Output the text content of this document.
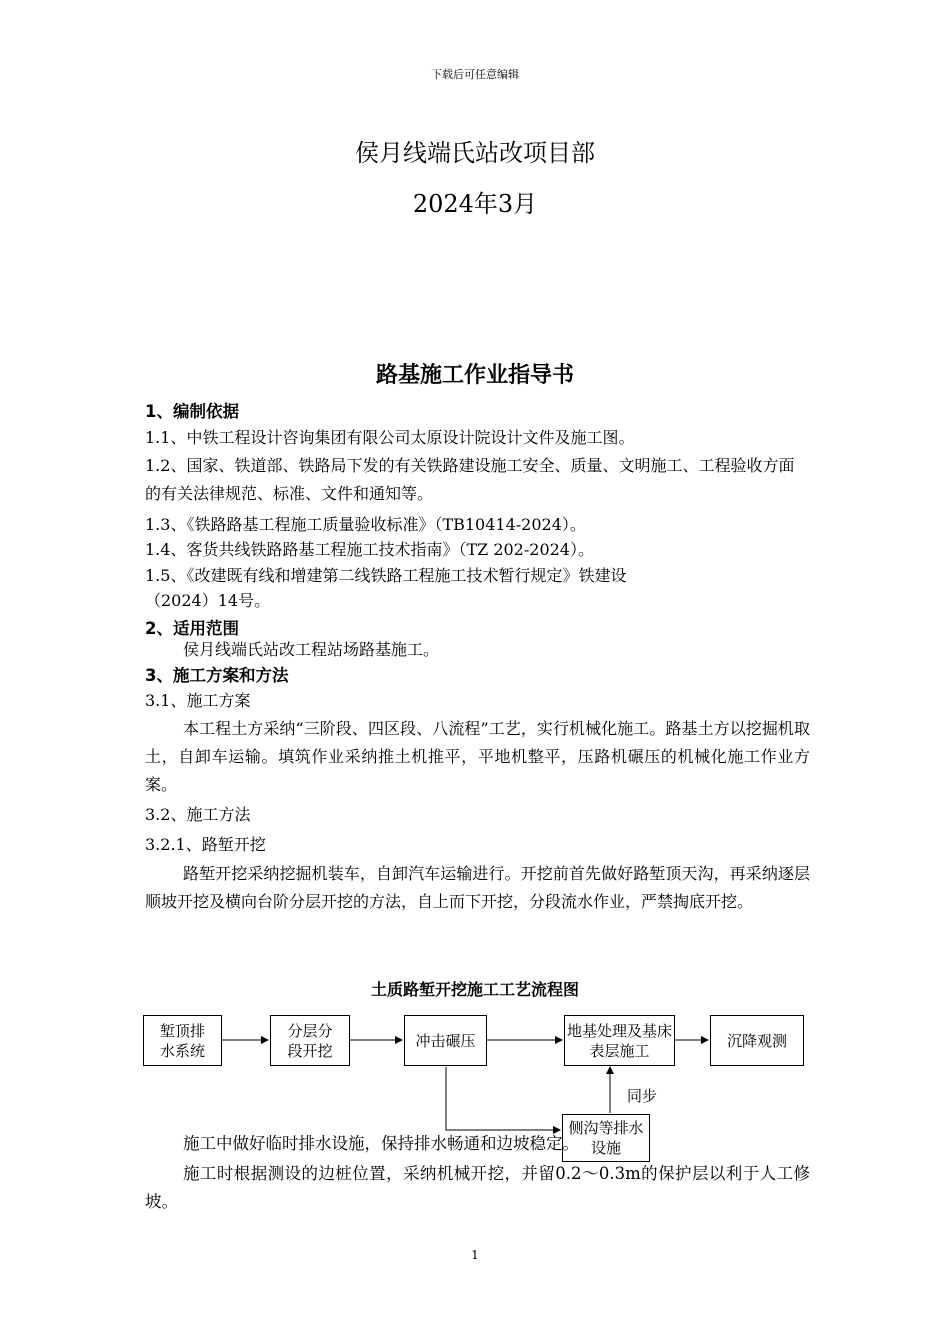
下载后可任意编辑
侯月线端氏站改项目部
2024年3月
路基施工作业指导书
1、编制依据
1.1、中铁工程设计咨询集团有限公司太原设计院设计文件及施工图。
1.2、国家、铁道部、铁路局下发的有关铁路建设施工安全、质量、文明施工、工程验收方面的有关法律规范、标准、文件和通知等。
1.3、《铁路路基工程施工质量验收标准》（TB10414-2024）。
1.4、客货共线铁路路基工程施工技术指南》（TZ 202-2024）。
1.5、《改建既有线和增建第二线铁路工程施工技术暂行规定》铁建设
（2024）14号。
2、适用范围
侯月线端氏站改工程站场路基施工。
3、施工方案和方法
3.1、施工方案
本工程土方采纳“三阶段、四区段、八流程”工艺，实行机械化施工。路基土方以挖掘机取土，自卸车运输。填筑作业采纳推土机推平，平地机整平，压路机碾压的机械化施工作业方案。
3.2、施工方法
3.2.1、路堑开挖
路堑开挖采纳挖掘机装车，自卸汽车运输进行。开挖前首先做好路堑顶天沟，再采纳逐层顺坡开挖及横向台阶分层开挖的方法，自上而下开挖，分段流水作业，严禁掏底开挖。
土质路堑开挖施工工艺流程图
堑顶排水系统
分层分段开挖
冲击碾压
地基处理及基床表层施工
沉降观测
同步
侧沟等排水设施
施工中做好临时排水设施，保持排水畅通和边坡稳定。
施工时根据测设的边桩位置，采纳机械开挖，并留0.2～0.3m的保护层以利于人工修坡。
1
